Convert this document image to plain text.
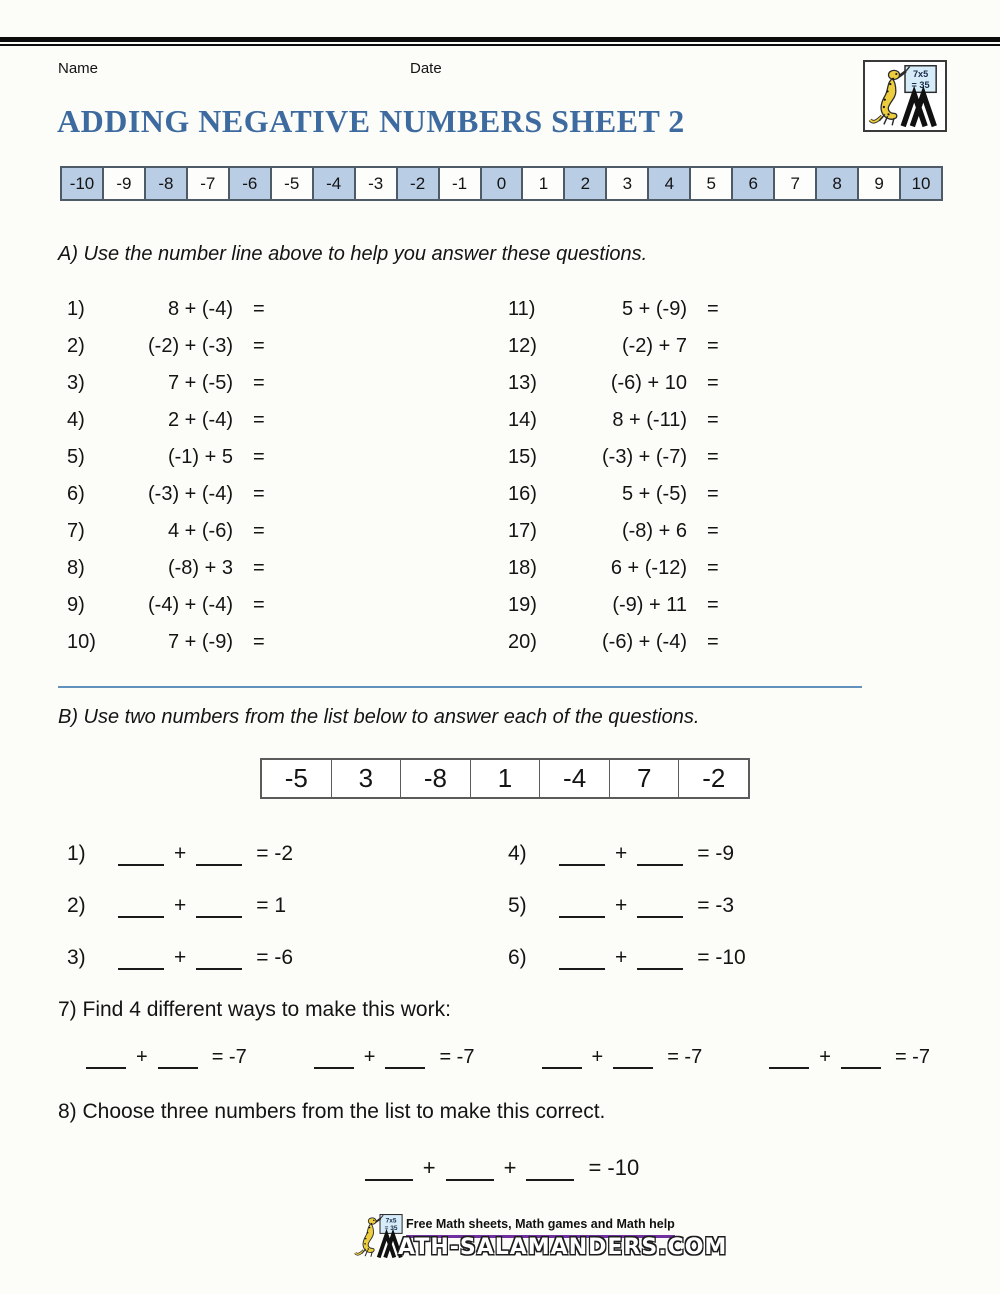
Name	Date
ADDING NEGATIVE NUMBERS SHEET 2
-10	-9	-8	-7	-6	-5	-4	-3	-2	-1	0	1	2	3	4	5	6	7	8	9	10
A) Use the number line above to help you answer these questions.
1)	8 + (-4) =
2)	(-2) + (-3) =
3)	7 + (-5) =
4)	2 + (-4) =
5)	(-1) + 5 =
6)	(-3) + (-4) =
7)	4 + (-6) =
8)	(-8) + 3 =
9)	(-4) + (-4) =
10)	7 + (-9) =
11)	5 + (-9) =
12)	(-2) + 7 =
13)	(-6) + 10 =
14)	8 + (-11) =
15)	(-3) + (-7) =
16)	5 + (-5) =
17)	(-8) + 6 =
18)	6 + (-12) =
19)	(-9) + 11 =
20)	(-6) + (-4) =
B) Use two numbers from the list below to answer each of the questions.
-5	3	-8	1	-4	7	-2
1)	+	= -2
2)	+	= 1
3)	+	= -6
4)	+	= -9
5)	+	= -3
6)	+	= -10
7) Find 4 different ways to make this work:
+	= -7	+	= -7	+	= -7	+	= -7
8) Choose three numbers from the list to make this correct.
+	+	= -10
Free Math sheets, Math games and Math help
ATH-SALAMANDERS.COM
